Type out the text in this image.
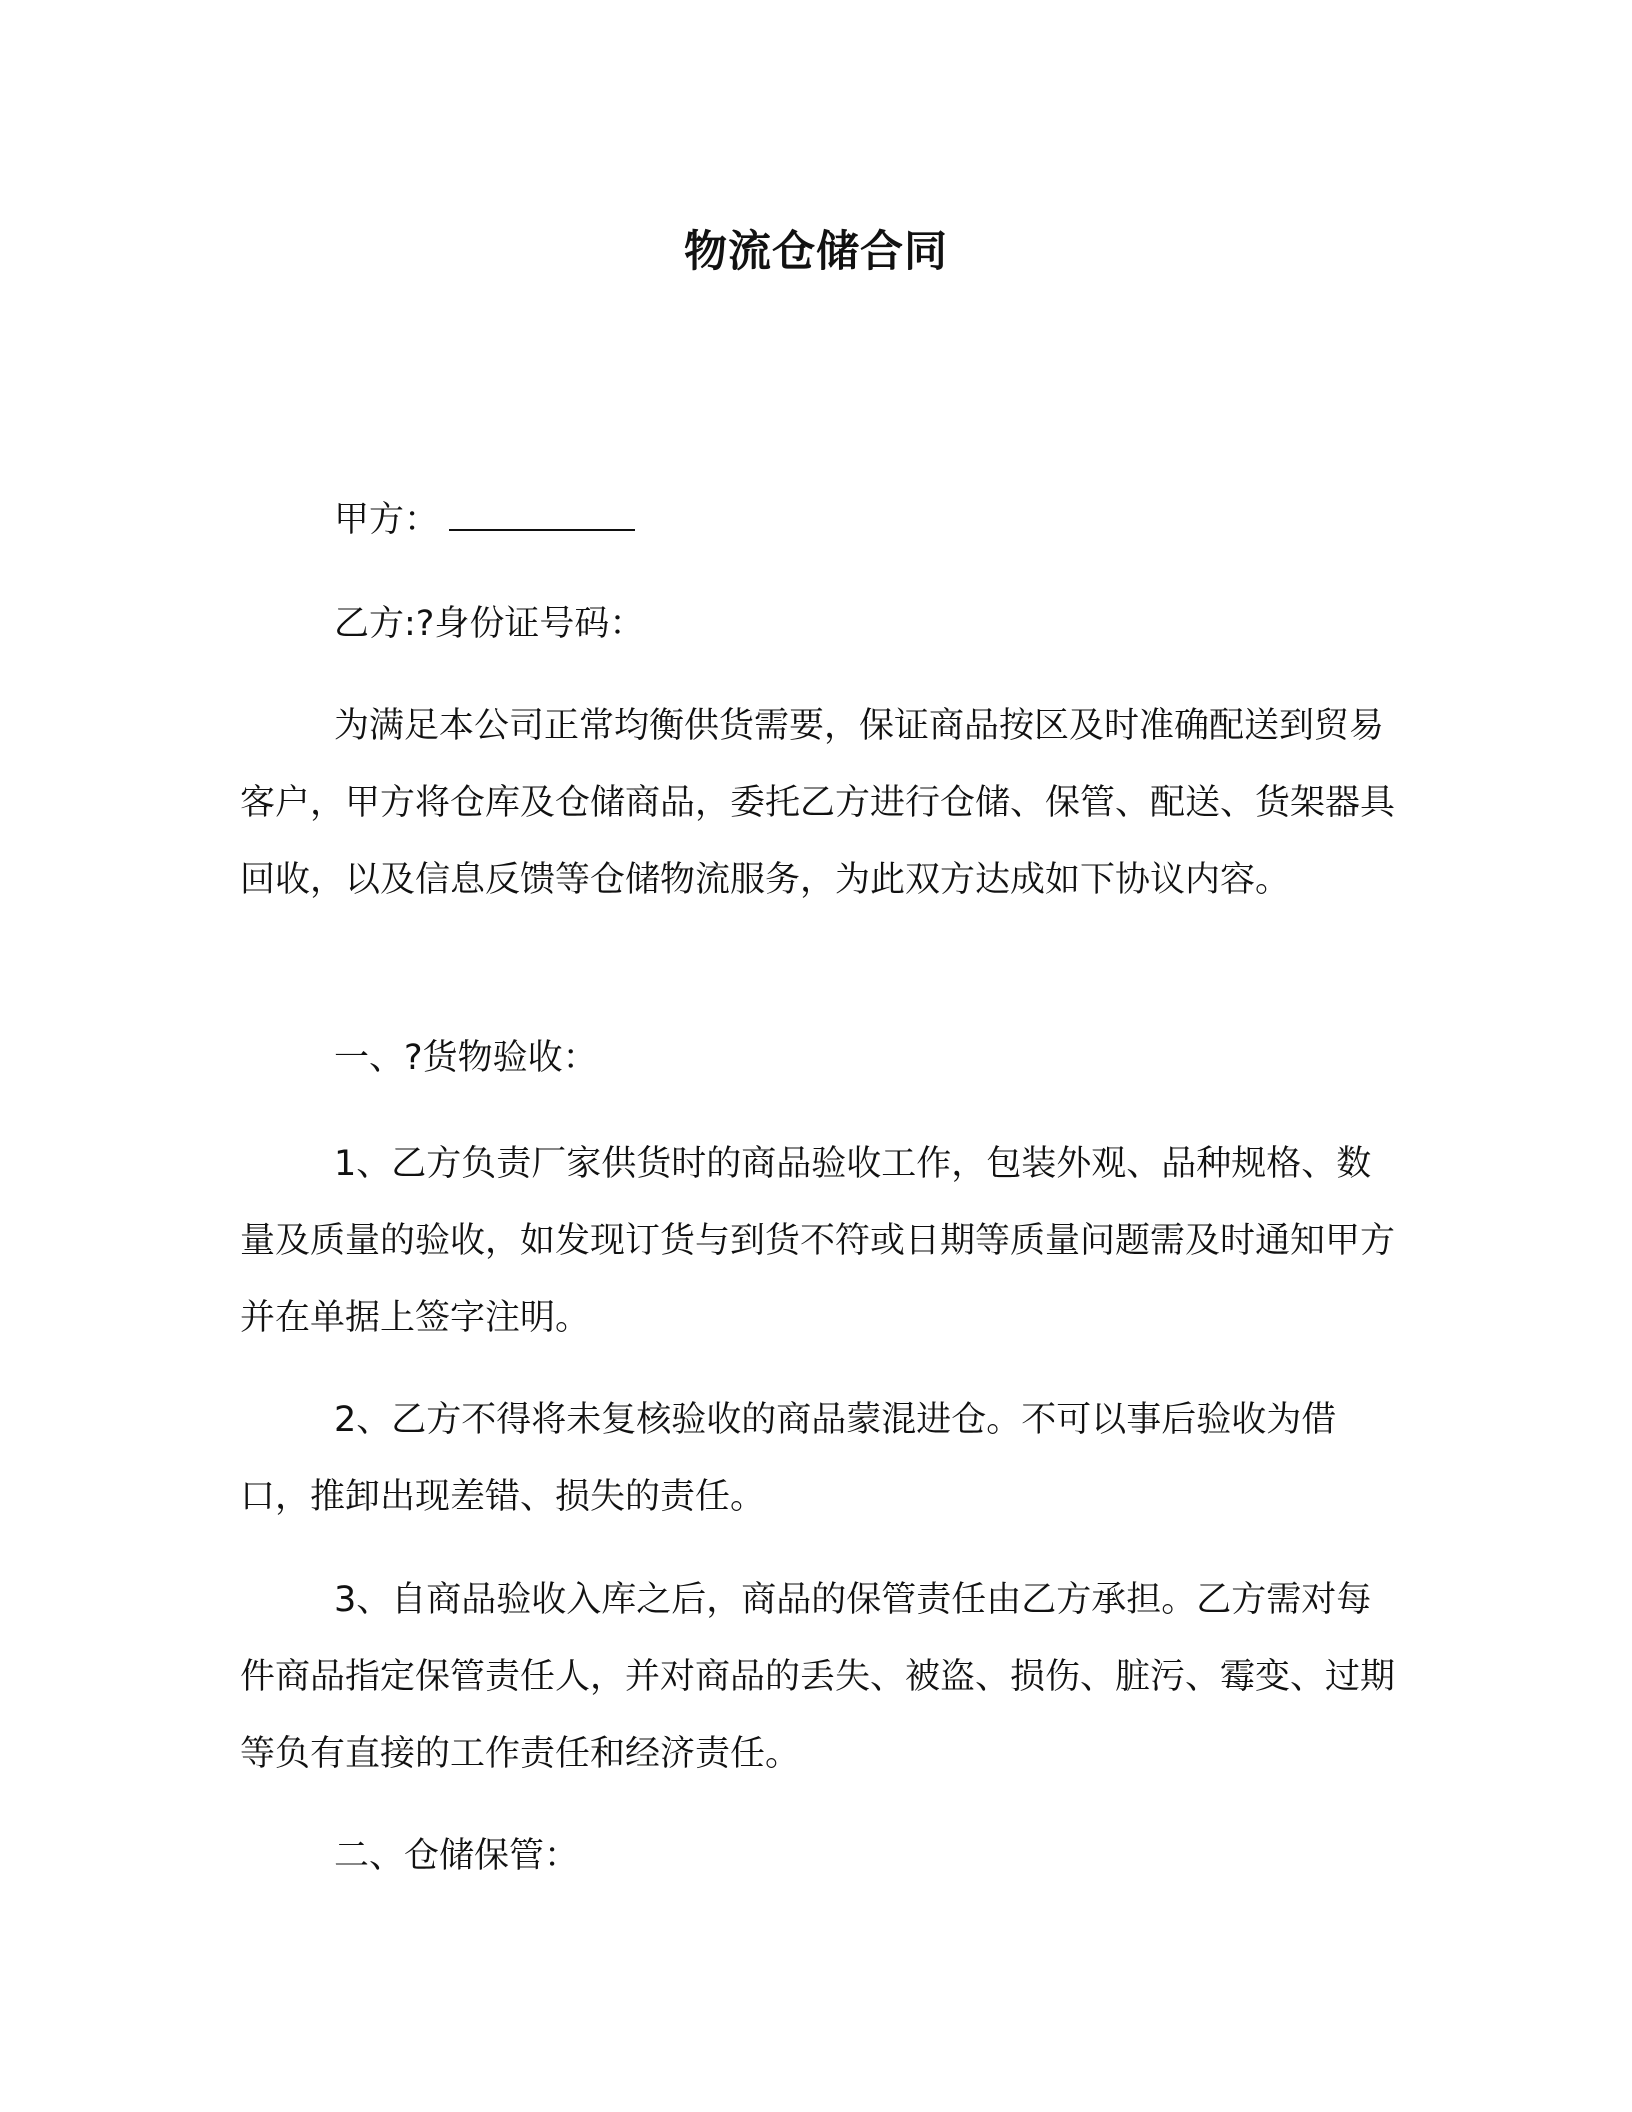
物流仓储合同

甲方：

乙方:?身份证号码：

为满足本公司正常均衡供货需要，保证商品按区及时准确配送到贸易客户，甲方将仓库及仓储商品，委托乙方进行仓储、保管、配送、货架器具回收，以及信息反馈等仓储物流服务，为此双方达成如下协议内容。

一、?货物验收：

1、乙方负责厂家供货时的商品验收工作，包装外观、品种规格、数量及质量的验收，如发现订货与到货不符或日期等质量问题需及时通知甲方并在单据上签字注明。

2、乙方不得将未复核验收的商品蒙混进仓。不可以事后验收为借口，推卸出现差错、损失的责任。

3、自商品验收入库之后，商品的保管责任由乙方承担。乙方需对每件商品指定保管责任人，并对商品的丢失、被盗、损伤、脏污、霉变、过期等负有直接的工作责任和经济责任。

二、仓储保管：
